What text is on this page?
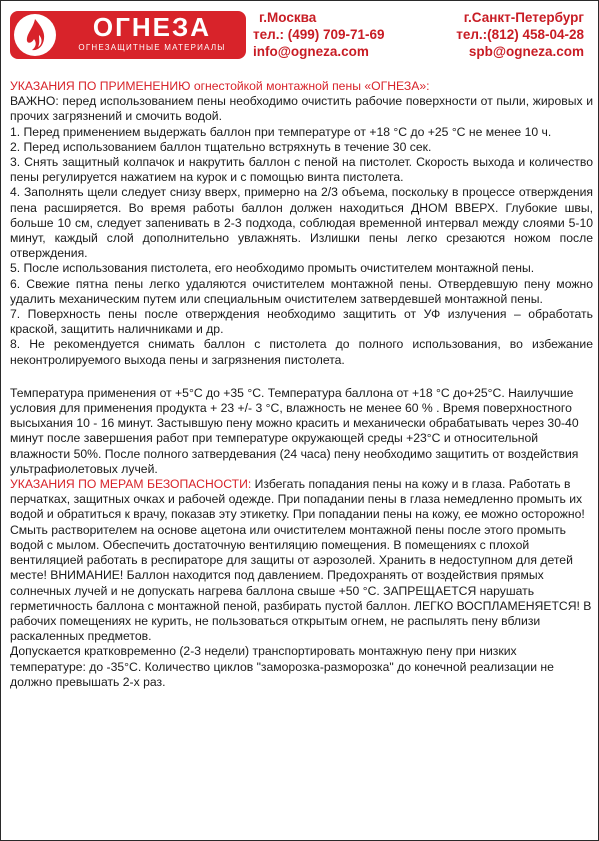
ОГНЕЗА
ОГНЕЗАЩИТНЫЕ МАТЕРИАЛЫ
г.Москва
тел.: (499) 709-71-69
info@ogneza.com
г.Санкт-Петербург
тел.:(812) 458-04-28
spb@ogneza.com

УКАЗАНИЯ ПО ПРИМЕНЕНИЮ огнестойкой монтажной пены «ОГНЕЗА»:

ВАЖНО: перед использованием пены необходимо очистить рабочие поверхности от пыли, жировых и прочих загрязнений и смочить водой.

1. Перед применением выдержать баллон при температуре от +18 °С до +25 °С не менее 10 ч.

2. Перед использованием баллон тщательно встряхнуть в течение 30 сек.

3. Снять защитный колпачок и накрутить баллон с пеной на пистолет. Скорость выхода и количество пены регулируется нажатием на курок и с помощью винта пистолета.

4. Заполнять щели следует снизу вверх, примерно на 2/3 объема, поскольку в процессе отверждения пена расширяется. Во время работы баллон должен находиться ДНОМ ВВЕРХ. Глубокие швы, больше 10 см, следует запенивать в 2-3 подхода, соблюдая временной интервал между слоями 5-10 минут, каждый слой дополнительно увлажнять. Излишки пены легко срезаются ножом после отверждения.

5. После использования пистолета, его необходимо промыть очистителем монтажной пены.

6. Свежие пятна пены легко удаляются очистителем монтажной пены. Отвердевшую пену можно удалить механическим путем или специальным очистителем затвердевшей монтажной пены.

7. Поверхность пены после отверждения необходимо защитить от УФ излучения – обработать краской, защитить наличниками и др.

8. Не рекомендуется снимать баллон с пистолета до полного использования, во избежание неконтролируемого выхода пены и загрязнения пистолета.

Температура применения от +5°С до +35 °С. Температура баллона от +18 °С до+25°С. Наилучшие условия для применения продукта + 23 +/- 3 °С, влажность не менее 60 % . Время поверхностного высыхания 10 - 16 минут. Застывшую пену можно красить и механически обрабатывать через 30-40 минут после завершения работ при температуре окружающей среды +23°С и относительной влажности 50%. После полного затвердевания (24 часа) пену необходимо защитить от воздействия ультрафиолетовых лучей.

УКАЗАНИЯ ПО МЕРАМ БЕЗОПАСНОСТИ: Избегать попадания пены на кожу и в глаза. Работать в перчатках, защитных очках и рабочей одежде. При попадании пены в глаза немедленно промыть их водой и обратиться к врачу, показав эту этикетку. При попадании пены на кожу, ее можно осторожно! Смыть растворителем на основе ацетона или очистителем монтажной пены после этого промыть водой с мылом. Обеспечить достаточную вентиляцию помещения. В помещениях с плохой вентиляцией работать в респираторе для защиты от аэрозолей. Хранить в недоступном для детей месте! ВНИМАНИЕ! Баллон находится под давлением. Предохранять от воздействия прямых солнечных лучей и не допускать нагрева баллона свыше +50 °С. ЗАПРЕЩАЕТСЯ нарушать герметичность баллона с монтажной пеной, разбирать пустой баллон. ЛЕГКО ВОСПЛАМЕНЯЕТСЯ! В рабочих помещениях не курить, не пользоваться открытым огнем, не распылять пену вблизи раскаленных предметов.

Допускается кратковременно (2-3 недели) транспортировать монтажную пену при низких температуре: до -35°С. Количество циклов "заморозка-разморозка" до конечной реализации не должно превышать 2-х раз.
